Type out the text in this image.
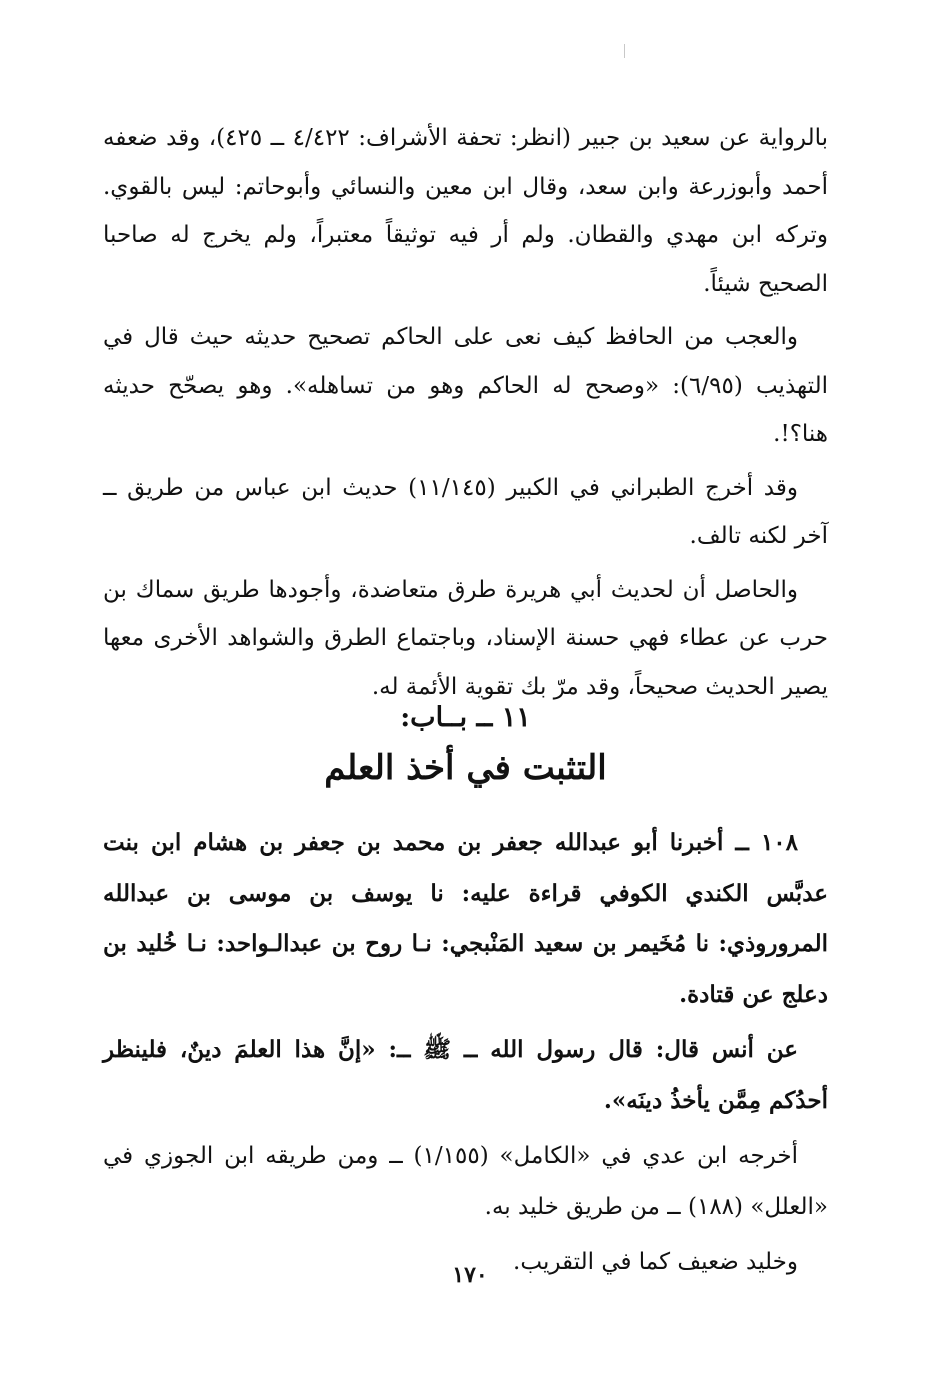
بالرواية عن سعيد بن جبير (انظر: تحفة الأشراف: ٤/٤٢٢ ــ ٤٢٥)، وقد ضعفه أحمد وأبوزرعة وابن سعد، وقال ابن معين والنسائي وأبوحاتم: ليس بالقوي. وتركه ابن مهدي والقطان. ولم أر فيه توثيقاً معتبراً، ولم يخرج له صاحبا الصحيح شيئاً.

والعجب من الحافظ كيف نعى على الحاكم تصحيح حديثه حيث قال في التهذيب (٦/٩٥): «وصحح له الحاكم وهو من تساهله». وهو يصحّح حديثه هنا؟!.

وقد أخرج الطبراني في الكبير (١١/١٤٥) حديث ابن عباس من طريق ــ آخر لكنه تالف.

والحاصل أن لحديث أبي هريرة طرق متعاضدة، وأجودها طريق سماك بن حرب عن عطاء فهي حسنة الإسناد، وباجتماع الطرق والشواهد الأخرى معها يصير الحديث صحيحاً، وقد مرّ بك تقوية الأئمة له.

١١ ــ بــاب:
التثبت في أخذ العلم

١٠٨ ــ أخبرنا أبو عبدالله جعفر بن محمد بن جعفر بن هشام ابن بنت عدبَّس الكندي الكوفي قراءة عليه: نا يوسف بن موسى بن عبدالله المروروذي: نا مُخَيمر بن سعيد المَنْبجي: نـا روح بن عبدالـواحد: نـا خُليد بن دعلج عن قتادة.

عن أنس قال: قال رسول الله ــ ﷺ ــ: «إنَّ هذا العلمَ دينٌ، فلينظر أحدُكم مِمَّن يأخذُ دينَه».

أخرجه ابن عدي في «الكامل» (١/١٥٥) ــ ومن طريقه ابن الجوزي في «العلل» (١٨٨) ــ من طريق خليد به.

وخليد ضعيف كما في التقريب.

١٧٠
